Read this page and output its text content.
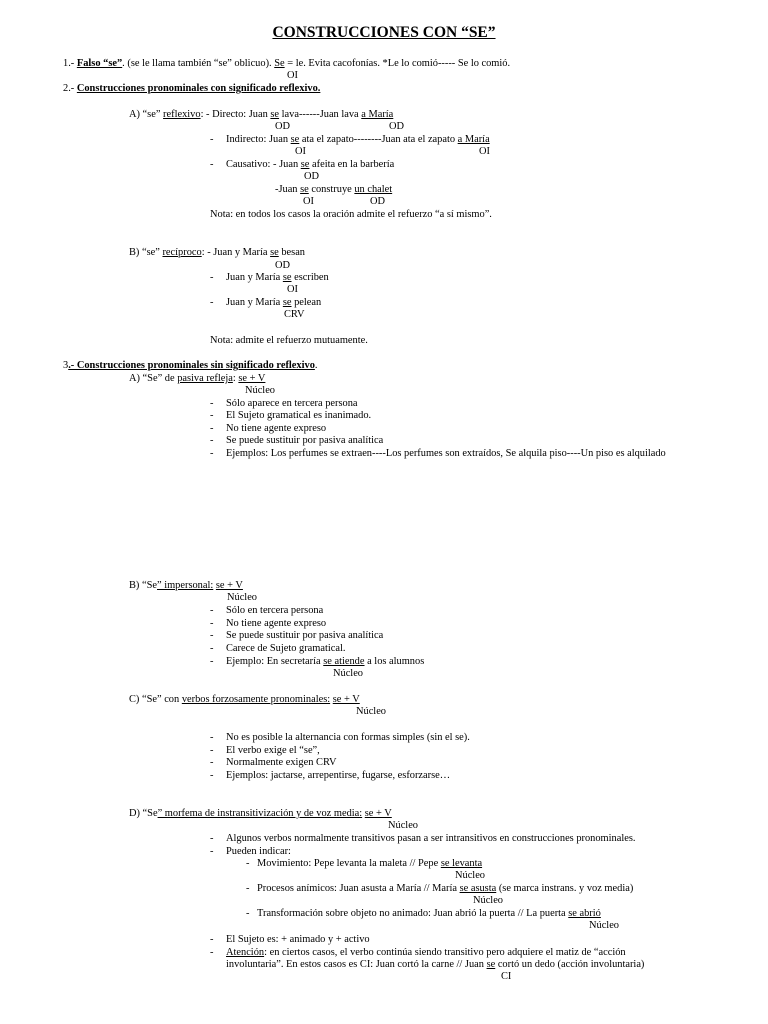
CONSTRUCCIONES CON “SE”
1.- Falso “se”. (se le llama también “se” oblicuo). Se = le. Evita cacofonías. *Le lo comió----- Se lo comió.
OI
2.- Construcciones pronominales con significado reflexivo.
A) “se” reflexivo: - Directo: Juan se lava------Juan lava a María
OD	OD
- Indirecto: Juan se ata el zapato--------Juan ata el zapato a María
OI	OI
- Causativo: - Juan se afeita en la barbería
OD
-Juan se construye un chalet
OI	OD
Nota: en todos los casos la oración admite el refuerzo “a sí mismo”.
B) “se” recíproco: - Juan y María se besan
OD
- Juan y María se escriben
OI
- Juan y María se pelean
CRV
Nota: admite el refuerzo mutuamente.
3.- Construcciones pronominales sin significado reflexivo.
A) “Se” de pasiva refleja: se + V
Núcleo
- Sólo aparece en tercera persona
- El Sujeto gramatical es inanimado.
- No tiene agente expreso
- Se puede sustituir por pasiva analítica
- Ejemplos: Los perfumes se extraen----Los perfumes son extraídos, Se alquila piso----Un piso es alquilado
B) “Se” impersonal: se + V
Núcleo
- Sólo en tercera persona
- No tiene agente expreso
- Se puede sustituir por pasiva analítica
- Carece de Sujeto gramatical.
- Ejemplo: En secretaría se atiende a los alumnos
Núcleo
C) “Se” con verbos forzosamente pronominales: se + V
Núcleo
- No es posible la alternancia con formas simples (sin el se).
- El verbo exige el “se”,
- Normalmente exigen CRV
- Ejemplos: jactarse, arrepentirse, fugarse, esforzarse…
D) “Se” morfema de instransitivización y de voz media: se + V
Núcleo
- Algunos verbos normalmente transitivos pasan a ser intransitivos en construcciones pronominales.
- Pueden indicar:
- Movimiento: Pepe levanta la maleta // Pepe se levanta
Núcleo
- Procesos anímicos: Juan asusta a María // María se asusta (se marca instrans. y voz media)
Núcleo
- Transformación sobre objeto no animado: Juan abrió la puerta // La puerta se abrió
Núcleo
- El Sujeto es: + animado y + activo
- Atención: en ciertos casos, el verbo continúa siendo transitivo pero adquiere el matiz de “acción
involuntaria”. En estos casos es CI: Juan cortó la carne // Juan se cortó un dedo (acción involuntaria)
CI
